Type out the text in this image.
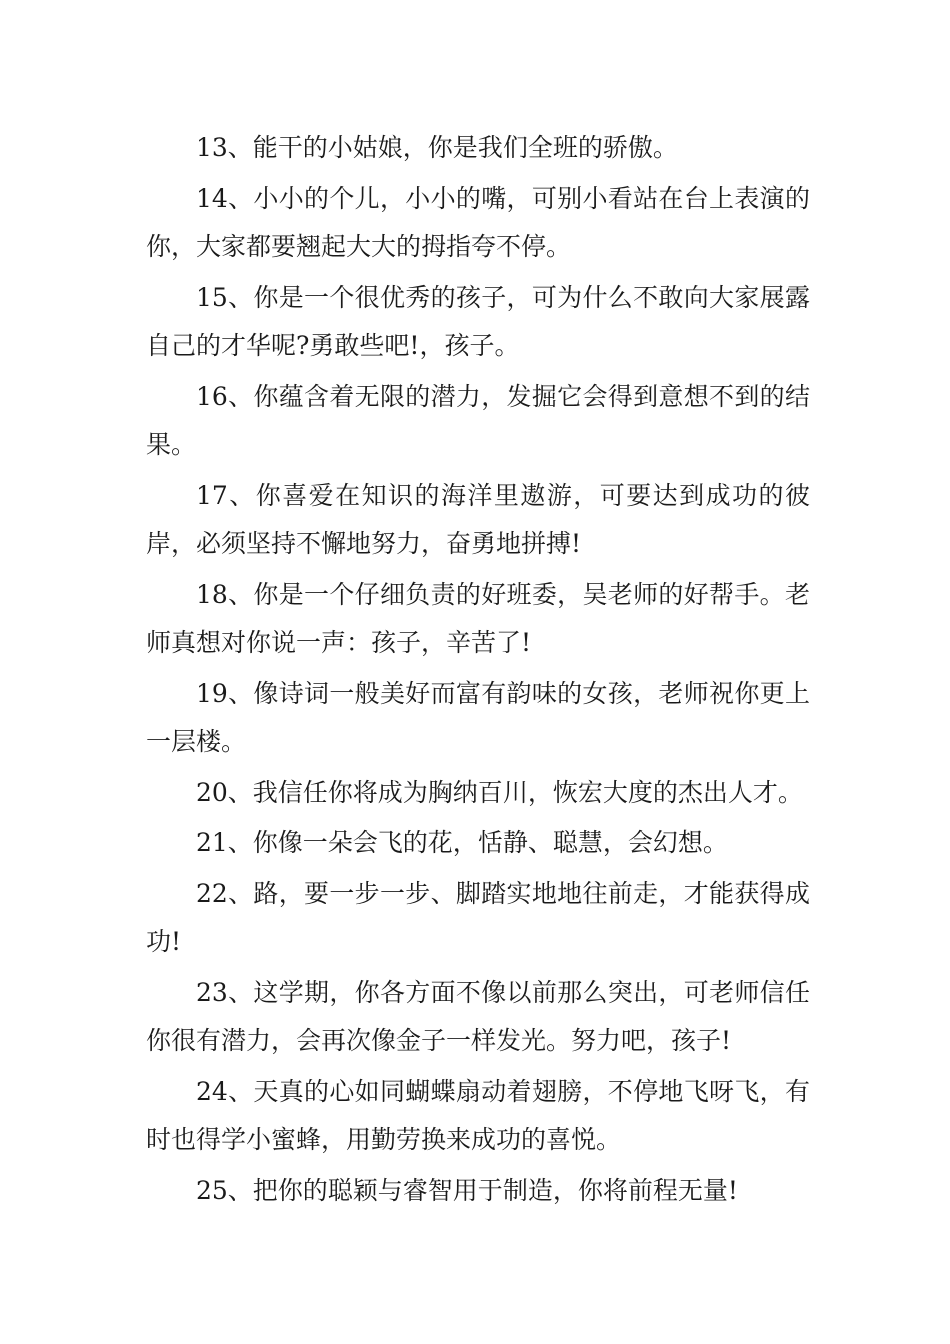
13、能干的小姑娘，你是我们全班的骄傲。

14、小小的个儿，小小的嘴，可别小看站在台上表演的你，大家都要翘起大大的拇指夸不停。

15、你是一个很优秀的孩子，可为什么不敢向大家展露自己的才华呢?勇敢些吧!，孩子。

16、你蕴含着无限的潜力，发掘它会得到意想不到的结果。

17、你喜爱在知识的海洋里遨游，可要达到成功的彼岸，必须坚持不懈地努力，奋勇地拼搏!

18、你是一个仔细负责的好班委，吴老师的好帮手。老师真想对你说一声：孩子，辛苦了!

19、像诗词一般美好而富有韵味的女孩，老师祝你更上一层楼。

20、我信任你将成为胸纳百川，恢宏大度的杰出人才。

21、你像一朵会飞的花，恬静、聪慧，会幻想。

22、路，要一步一步、脚踏实地地往前走，才能获得成功!

23、这学期，你各方面不像以前那么突出，可老师信任你很有潜力，会再次像金子一样发光。努力吧，孩子!

24、天真的心如同蝴蝶扇动着翅膀，不停地飞呀飞，有时也得学小蜜蜂，用勤劳换来成功的喜悦。

25、把你的聪颖与睿智用于制造，你将前程无量!
